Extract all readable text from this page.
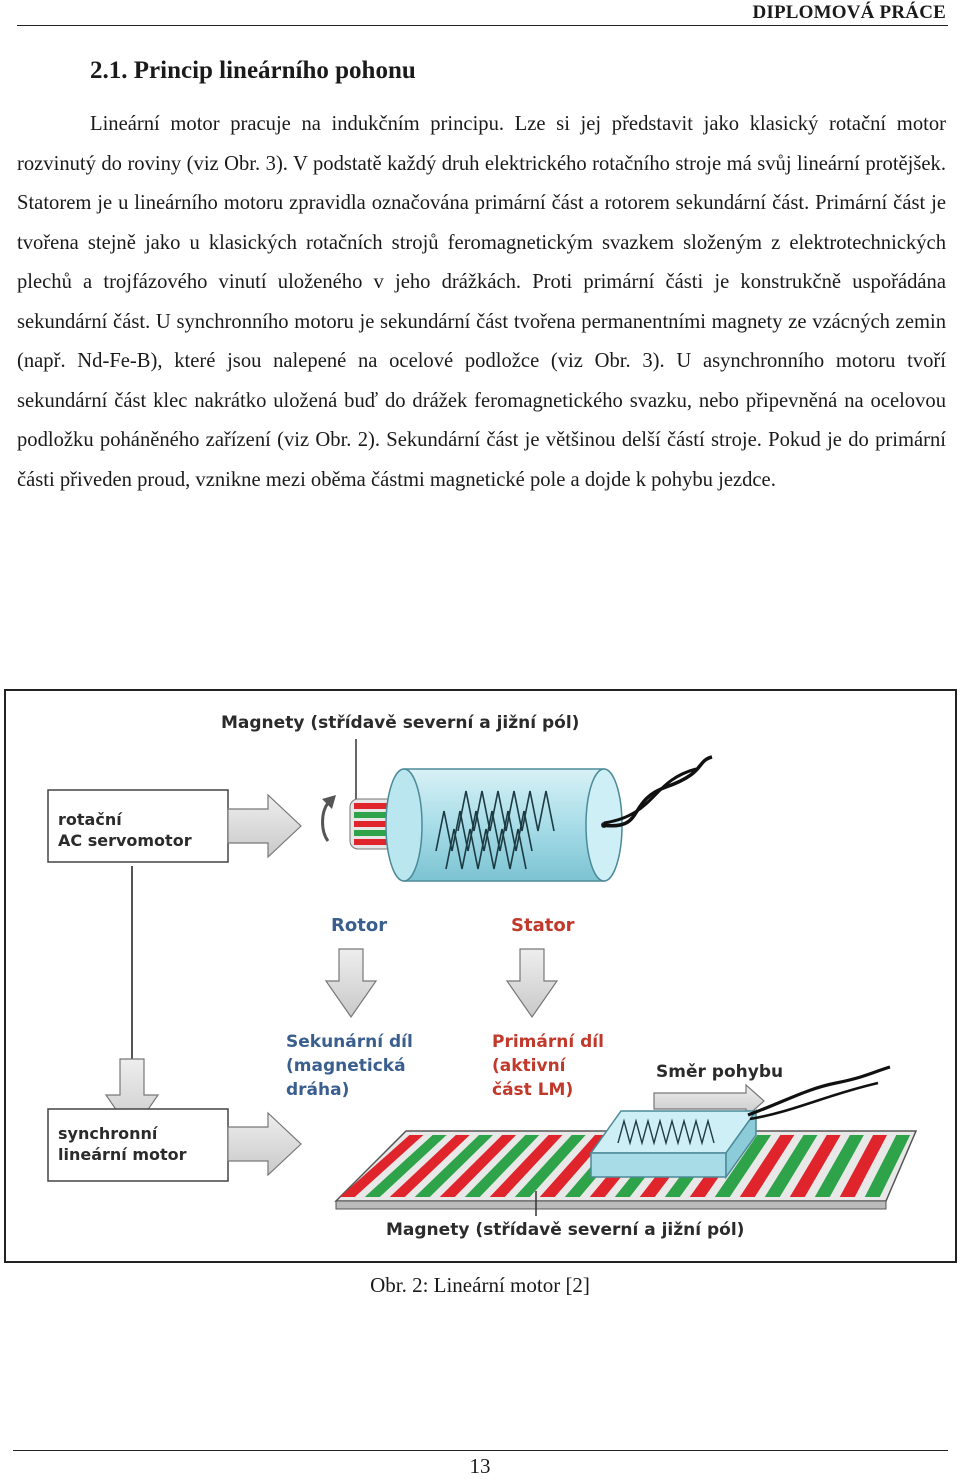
DIPLOMOVÁ PRÁCE
2.1. Princip lineárního pohonu

Lineární motor pracuje na indukčním principu. Lze si jej představit jako klasický rotační motor rozvinutý do roviny (viz Obr. 3). V podstatě každý druh elektrického rotačního stroje má svůj lineární protějšek. Statorem je u lineárního motoru zpravidla označována primární část a rotorem sekundární část. Primární část je tvořena stejně jako u klasických rotačních strojů feromagnetickým svazkem složeným z elektrotechnických plechů a trojfázového vinutí uloženého v jeho drážkách. Proti primární části je konstrukčně uspořádána sekundární část. U synchronního motoru je sekundární část tvořena permanentními magnety ze vzácných zemin (např. Nd-Fe-B), které jsou nalepené na ocelové podložce (viz Obr. 3). U asynchronního motoru tvoří sekundární část klec nakrátko uložená buď do drážek feromagnetického svazku, nebo připevněná na ocelovou podložku poháněného zařízení (viz Obr. 2). Sekundární část je většinou delší částí stroje. Pokud je do primární části přiveden proud, vznikne mezi oběma částmi magnetické pole a dojde k pohybu jezdce.

Magnety (střídavě severní a jižní pól)
rotační
AC servomotor
Rotor	Stator
Sekunární díl
(magnetická
dráha)
Primární díl
(aktivní
část LM)
Směr pohybu
synchronní
lineární motor
Magnety (střídavě severní a jižní pól)
Obr. 2: Lineární motor [2]
13
